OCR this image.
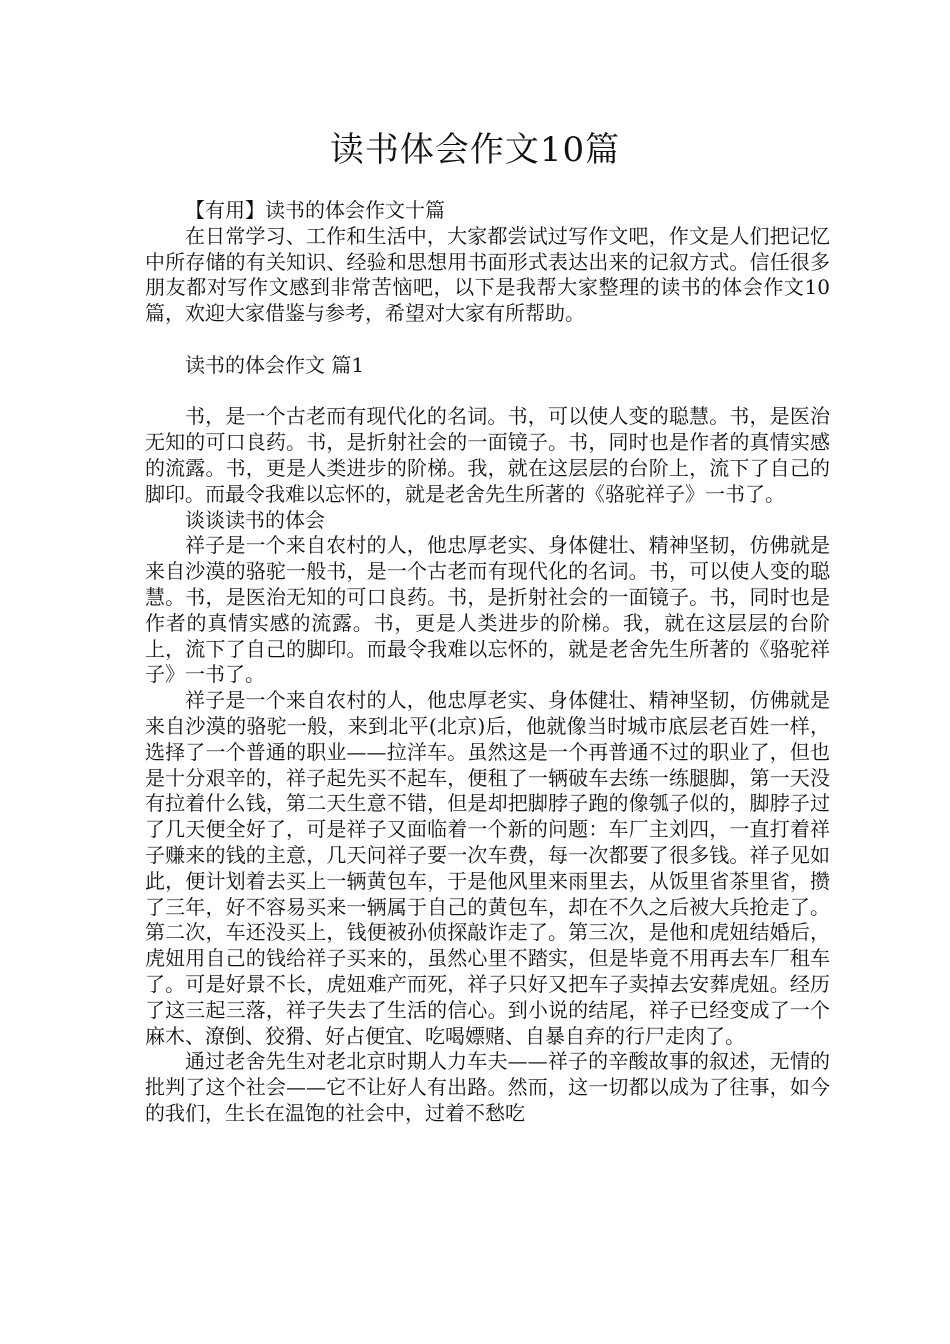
读书体会作文10篇

【有用】读书的体会作文十篇

在日常学习、工作和生活中，大家都尝试过写作文吧，作文是人们把记忆中所存储的有关知识、经验和思想用书面形式表达出来的记叙方式。信任很多朋友都对写作文感到非常苦恼吧，以下是我帮大家整理的读书的体会作文10篇，欢迎大家借鉴与参考，希望对大家有所帮助。

读书的体会作文 篇1

书，是一个古老而有现代化的名词。书，可以使人变的聪慧。书，是医治无知的可口良药。书，是折射社会的一面镜子。书，同时也是作者的真情实感的流露。书，更是人类进步的阶梯。我，就在这层层的台阶上，流下了自己的脚印。而最令我难以忘怀的，就是老舍先生所著的《骆驼祥子》一书了。

谈谈读书的体会

祥子是一个来自农村的人，他忠厚老实、身体健壮、精神坚韧，仿佛就是来自沙漠的骆驼一般书，是一个古老而有现代化的名词。书，可以使人变的聪慧。书，是医治无知的可口良药。书，是折射社会的一面镜子。书，同时也是作者的真情实感的流露。书，更是人类进步的阶梯。我，就在这层层的台阶上，流下了自己的脚印。而最令我难以忘怀的，就是老舍先生所著的《骆驼祥子》一书了。

祥子是一个来自农村的人，他忠厚老实、身体健壮、精神坚韧，仿佛就是来自沙漠的骆驼一般，来到北平(北京)后，他就像当时城市底层老百姓一样，选择了一个普通的职业——拉洋车。虽然这是一个再普通不过的职业了，但也是十分艰辛的，祥子起先买不起车，便租了一辆破车去练一练腿脚，第一天没有拉着什么钱，第二天生意不错，但是却把脚脖子跑的像瓠子似的，脚脖子过了几天便全好了，可是祥子又面临着一个新的问题：车厂主刘四，一直打着祥子赚来的钱的主意，几天问祥子要一次车费，每一次都要了很多钱。祥子见如此，便计划着去买上一辆黄包车，于是他风里来雨里去，从饭里省茶里省，攒了三年，好不容易买来一辆属于自己的黄包车，却在不久之后被大兵抢走了。第二次，车还没买上，钱便被孙侦探敲诈走了。第三次，是他和虎妞结婚后，虎妞用自己的钱给祥子买来的，虽然心里不踏实，但是毕竟不用再去车厂租车了。可是好景不长，虎妞难产而死，祥子只好又把车子卖掉去安葬虎妞。经历了这三起三落，祥子失去了生活的信心。到小说的结尾，祥子已经变成了一个麻木、潦倒、狡猾、好占便宜、吃喝嫖赌、自暴自弃的行尸走肉了。

通过老舍先生对老北京时期人力车夫——祥子的辛酸故事的叙述，无情的批判了这个社会——它不让好人有出路。然而，这一切都以成为了往事，如今的我们，生长在温饱的社会中，过着不愁吃
